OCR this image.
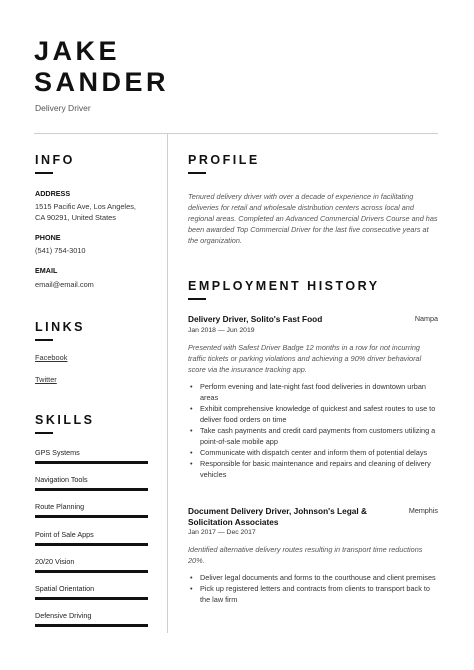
JAKE
SANDER
Delivery Driver
INFO
ADDRESS
1515 Pacific Ave, Los Angeles,
CA 90291, United States
PHONE
(541) 754-3010
EMAIL
email@email.com
LINKS
Facebook
Twitter
SKILLS
GPS Systems
Navigation Tools
Route Planning
Point of Sale Apps
20/20 Vision
Spatial Orientation
Defensive Driving
PROFILE
Tenured delivery driver with over a decade of experience in facilitating deliveries for retail and wholesale distribution centers across local and regional areas. Completed an Advanced Commercial Drivers Course and has been awarded Top Commercial Driver for the last five consecutive years at the organization.
EMPLOYMENT HISTORY
Delivery Driver, Solito's Fast Food	Nampa
Jan 2018 — Jun 2019
Presented with Safest Driver Badge 12 months in a row for not incurring traffic tickets or parking violations and achieving a 90% driver behavioral score via the insurance tracking app.
• Perform evening and late-night fast food deliveries in downtown urban areas
• Exhibit comprehensive knowledge of quickest and safest routes to use to deliver food orders on time
• Take cash payments and credit card payments from customers utilizing a point-of-sale mobile app
• Communicate with dispatch center and inform them of potential delays
• Responsible for basic maintenance and repairs and cleaning of delivery vehicles
Document Delivery Driver, Johnson's Legal & Solicitation Associates
Memphis
Jan 2017 — Dec 2017
Identified alternative delivery routes resulting in transport time reductions 20%.
• Deliver legal documents and forms to the courthouse and client premises
• Pick up registered letters and contracts from clients to transport back to the law firm
